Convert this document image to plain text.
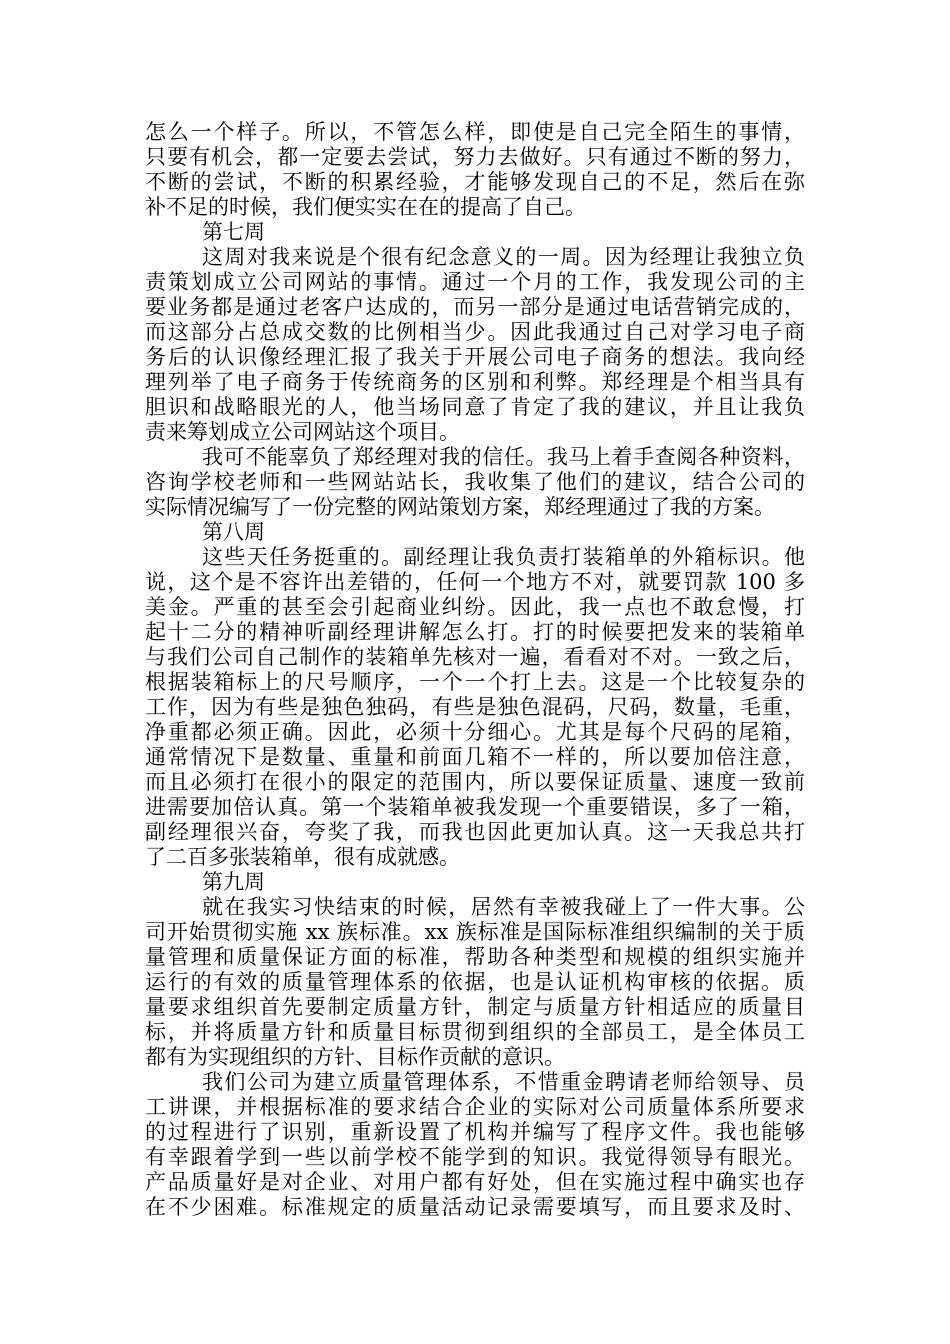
怎么一个样子。所以，不管怎么样，即使是自己完全陌生的事情，
只要有机会，都一定要去尝试，努力去做好。只有通过不断的努力，
不断的尝试，不断的积累经验，才能够发现自己的不足，然后在弥
补不足的时候，我们便实实在在的提高了自己。
第七周
这周对我来说是个很有纪念意义的一周。因为经理让我独立负
责策划成立公司网站的事情。通过一个月的工作，我发现公司的主
要业务都是通过老客户达成的，而另一部分是通过电话营销完成的，
而这部分占总成交数的比例相当少。因此我通过自己对学习电子商
务后的认识像经理汇报了我关于开展公司电子商务的想法。我向经
理列举了电子商务于传统商务的区别和利弊。郑经理是个相当具有
胆识和战略眼光的人，他当场同意了肯定了我的建议，并且让我负
责来筹划成立公司网站这个项目。
我可不能辜负了郑经理对我的信任。我马上着手查阅各种资料，
咨询学校老师和一些网站站长，我收集了他们的建议，结合公司的
实际情况编写了一份完整的网站策划方案，郑经理通过了我的方案。
第八周
这些天任务挺重的。副经理让我负责打装箱单的外箱标识。他
说，这个是不容许出差错的，任何一个地方不对，就要罚款 100 多
美金。严重的甚至会引起商业纠纷。因此，我一点也不敢怠慢，打
起十二分的精神听副经理讲解怎么打。打的时候要把发来的装箱单
与我们公司自己制作的装箱单先核对一遍，看看对不对。一致之后，
根据装箱标上的尺号顺序，一个一个打上去。这是一个比较复杂的
工作，因为有些是独色独码，有些是独色混码，尺码，数量，毛重，
净重都必须正确。因此，必须十分细心。尤其是每个尺码的尾箱，
通常情况下是数量、重量和前面几箱不一样的，所以要加倍注意，
而且必须打在很小的限定的范围内，所以要保证质量、速度一致前
进需要加倍认真。第一个装箱单被我发现一个重要错误，多了一箱，
副经理很兴奋，夸奖了我，而我也因此更加认真。这一天我总共打
了二百多张装箱单，很有成就感。
第九周
就在我实习快结束的时候，居然有幸被我碰上了一件大事。公
司开始贯彻实施 xx 族标准。xx 族标准是国际标准组织编制的关于质
量管理和质量保证方面的标准，帮助各种类型和规模的组织实施并
运行的有效的质量管理体系的依据，也是认证机构审核的依据。质
量要求组织首先要制定质量方针，制定与质量方针相适应的质量目
标，并将质量方针和质量目标贯彻到组织的全部员工，是全体员工
都有为实现组织的方针、目标作贡献的意识。
我们公司为建立质量管理体系，不惜重金聘请老师给领导、员
工讲课，并根据标准的要求结合企业的实际对公司质量体系所要求
的过程进行了识别，重新设置了机构并编写了程序文件。我也能够
有幸跟着学到一些以前学校不能学到的知识。我觉得领导有眼光。
产品质量好是对企业、对用户都有好处，但在实施过程中确实也存
在不少困难。标准规定的质量活动记录需要填写，而且要求及时、
